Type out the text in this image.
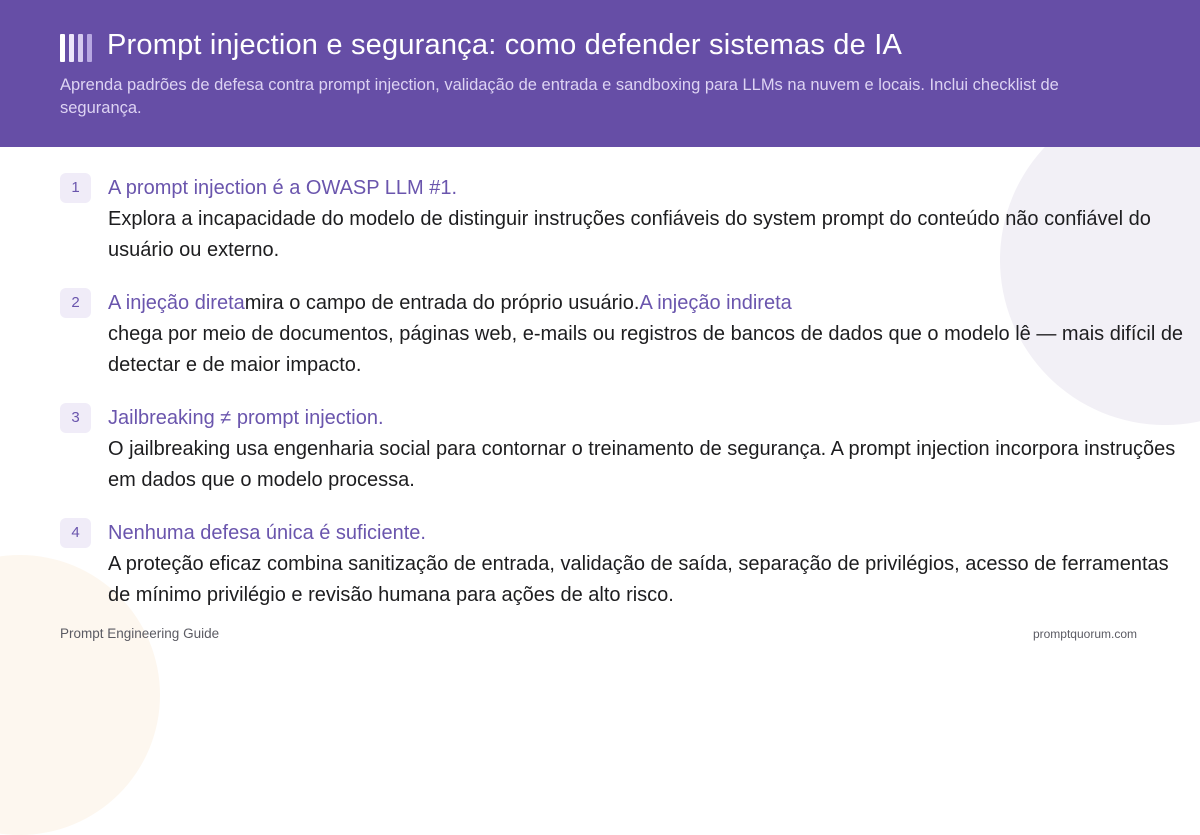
Prompt injection e segurança: como defender sistemas de IA

Aprenda padrões de defesa contra prompt injection, validação de entrada e sandboxing para LLMs na nuvem e locais. Inclui checklist de segurança.

1	A prompt injection é a OWASP LLM #1.
Explora a incapacidade do modelo de distinguir instruções confiáveis do system prompt do conteúdo não confiável do usuário ou externo.
2	A injeção diretamira o campo de entrada do próprio usuário.A injeção indireta
chega por meio de documentos, páginas web, e-mails ou registros de bancos de dados que o modelo lê — mais difícil de detectar e de maior impacto.
3	Jailbreaking ≠ prompt injection.
O jailbreaking usa engenharia social para contornar o treinamento de segurança. A prompt injection incorpora instruções em dados que o modelo processa.
4	Nenhuma defesa única é suficiente.
A proteção eficaz combina sanitização de entrada, validação de saída, separação de privilégios, acesso de ferramentas de mínimo privilégio e revisão humana para ações de alto risco.
Prompt Engineering Guide	promptquorum.com
